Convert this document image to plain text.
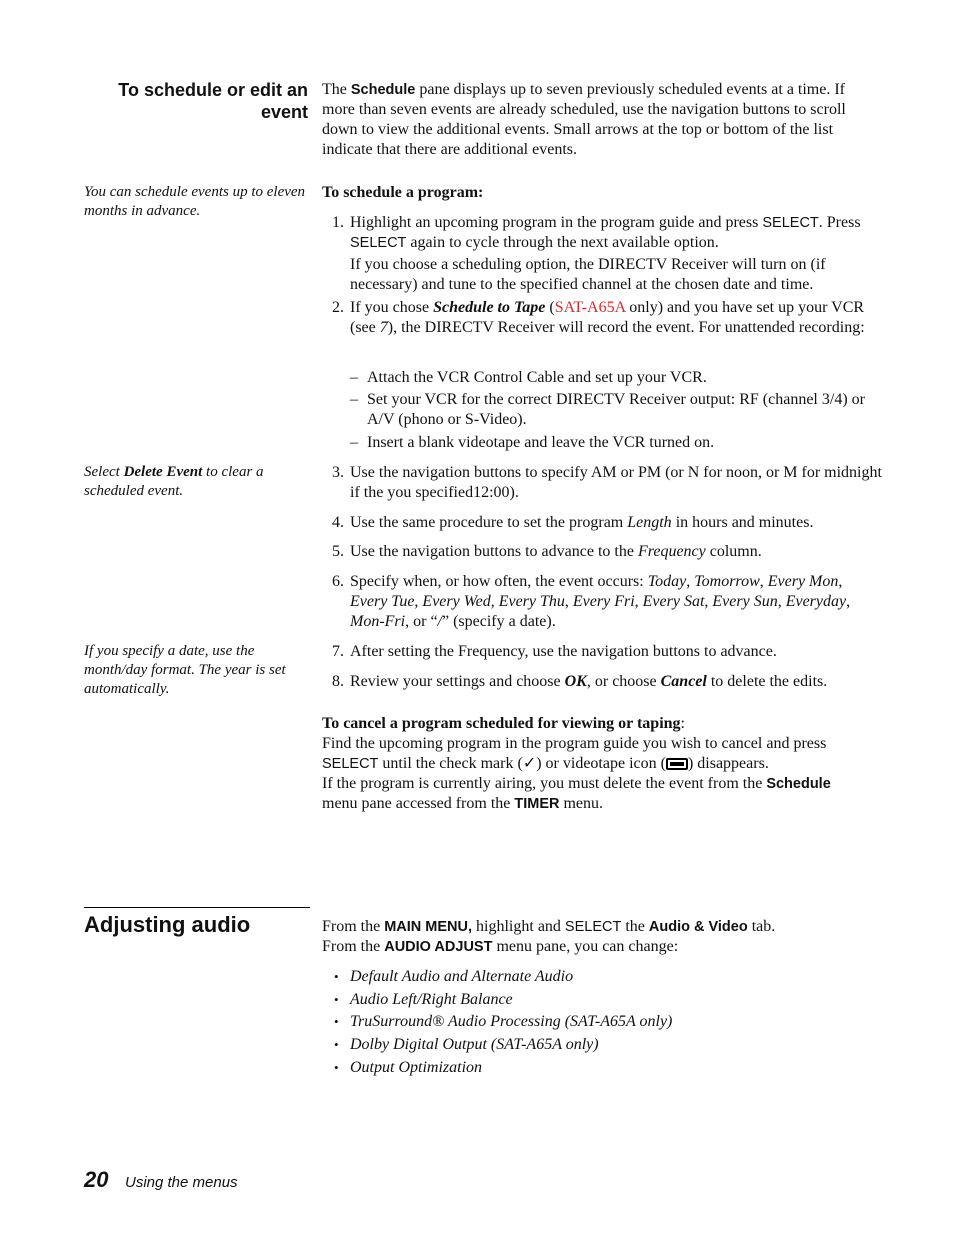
To schedule or edit an
event

The Schedule pane displays up to seven previously scheduled events at a time. If more than seven events are already scheduled, use the navigation buttons to scroll down to view the additional events. Small arrows at the top or bottom of the list indicate that there are additional events.

You can schedule events up to eleven months in advance.
Select Delete Event to clear a scheduled event.
If you specify a date, use the month/day format. The year is set automatically.
To schedule a program:
1. Highlight an upcoming program in the program guide and press SELECT. Press SELECT again to cycle through the next available option.

If you choose a scheduling option, the DIRECTV Receiver will turn on (if necessary) and tune to the specified channel at the chosen date and time.

2. If you chose Schedule to Tape (SAT-A65A only) and you have set up your VCR (see 7), the DIRECTV Receiver will record the event. For unattended recording:

– Attach the VCR Control Cable and set up your VCR.
– Set your VCR for the correct DIRECTV Receiver output: RF (channel 3/4) or A/V (phono or S-Video).
– Insert a blank videotape and leave the VCR turned on.
3. Use the navigation buttons to specify AM or PM (or N for noon, or M for midnight if the you specified12:00).

4. Use the same procedure to set the program Length in hours and minutes.

5. Use the navigation buttons to advance to the Frequency column.

6. Specify when, or how often, the event occurs: Today, Tomorrow, Every Mon, Every Tue, Every Wed, Every Thu, Every Fri, Every Sat, Every Sun, Everyday, Mon-Fri, or “/” (specify a date).

7. After setting the Frequency, use the navigation buttons to advance.

8. Review your settings and choose OK, or choose Cancel to delete the edits.

To cancel a program scheduled for viewing or taping:

Find the upcoming program in the program guide you wish to cancel and press

SELECT until the check mark (✓) or videotape icon ( ) disappears.

If the program is currently airing, you must delete the event from the Schedule

menu pane accessed from the TIMER menu.

Adjusting audio	From the MAIN MENU, highlight and SELECT the Audio & Video tab.

From the AUDIO ADJUST menu pane, you can change:

• Default Audio and Alternate Audio
• Audio Left/Right Balance
• TruSurround® Audio Processing (SAT-A65A only)
• Dolby Digital Output (SAT-A65A only)
• Output Optimization
20 Using the menus
